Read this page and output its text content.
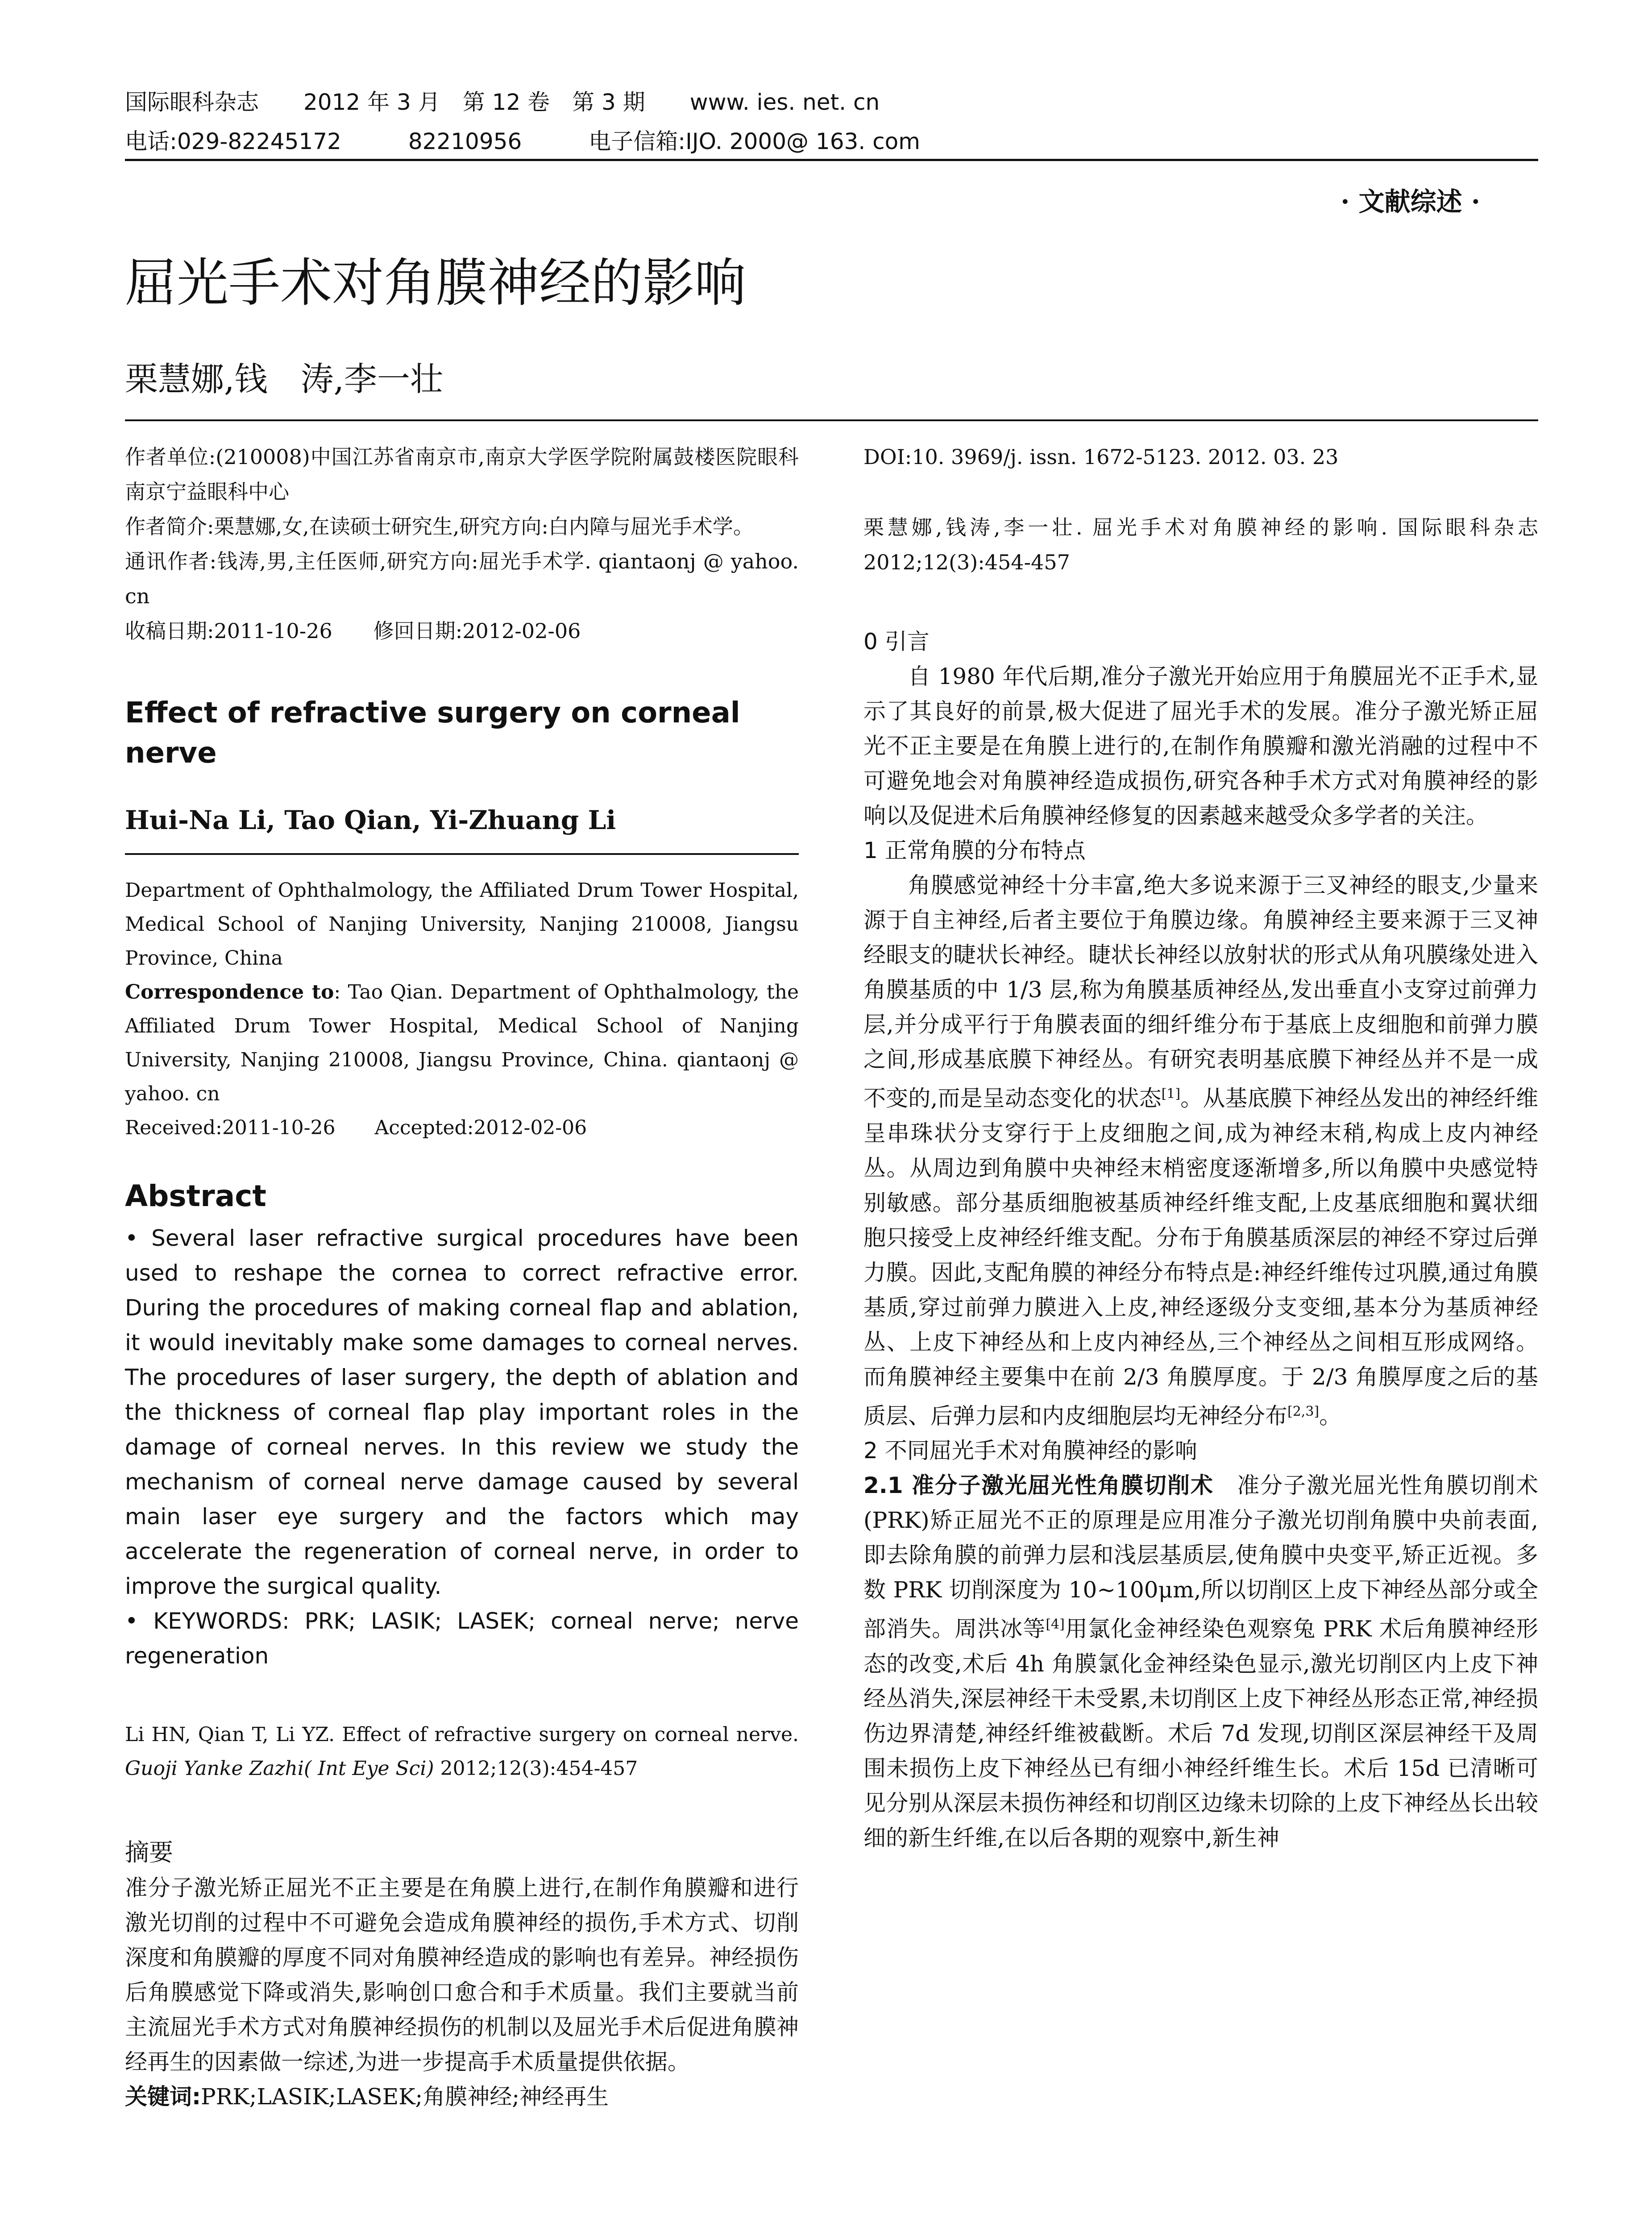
国际眼科杂志　　2012 年 3 月　第 12 卷　第 3 期　　www. ies. net. cn
电话:029-82245172　　　82210956　　　电子信箱:IJO. 2000@ 163. com
· 文献综述 ·
屈光手术对角膜神经的影响
栗慧娜,钱　涛,李一壮

作者单位:(210008)中国江苏省南京市,南京大学医学院附属鼓楼医院眼科 南京宁益眼科中心

作者简介:栗慧娜,女,在读硕士研究生,研究方向:白内障与屈光手术学。

通讯作者:钱涛,男,主任医师,研究方向:屈光手术学. qiantaonj @ yahoo. cn

收稿日期:2011-10-26　　修回日期:2012-02-06

Effect of refractive surgery on corneal nerve
Hui-Na Li, Tao Qian, Yi-Zhuang Li

Department of Ophthalmology, the Affiliated Drum Tower Hospital, Medical School of Nanjing University, Nanjing 210008, Jiangsu Province, China

Correspondence to: Tao Qian. Department of Ophthalmology, the Affiliated Drum Tower Hospital, Medical School of Nanjing University, Nanjing 210008, Jiangsu Province, China. qiantaonj @ yahoo. cn

Received:2011-10-26　　Accepted:2012-02-06

Abstract

• Several laser refractive surgical procedures have been used to reshape the cornea to correct refractive error. During the procedures of making corneal flap and ablation, it would inevitably make some damages to corneal nerves. The procedures of laser surgery, the depth of ablation and the thickness of corneal flap play important roles in the damage of corneal nerves. In this review we study the mechanism of corneal nerve damage caused by several main laser eye surgery and the factors which may accelerate the regeneration of corneal nerve, in order to improve the surgical quality.

• KEYWORDS: PRK; LASIK; LASEK; corneal nerve; nerve regeneration

Li HN, Qian T, Li YZ. Effect of refractive surgery on corneal nerve. Guoji Yanke Zazhi( Int Eye Sci) 2012;12(3):454-457

摘要

准分子激光矫正屈光不正主要是在角膜上进行,在制作角膜瓣和进行激光切削的过程中不可避免会造成角膜神经的损伤,手术方式、切削深度和角膜瓣的厚度不同对角膜神经造成的影响也有差异。神经损伤后角膜感觉下降或消失,影响创口愈合和手术质量。我们主要就当前主流屈光手术方式对角膜神经损伤的机制以及屈光手术后促进角膜神经再生的因素做一综述,为进一步提高手术质量提供依据。

关键词:PRK;LASIK;LASEK;角膜神经;神经再生

DOI:10. 3969/j. issn. 1672-5123. 2012. 03. 23

栗慧娜,钱涛,李一壮. 屈光手术对角膜神经的影响. 国际眼科杂志 2012;12(3):454-457

0 引言

自 1980 年代后期,准分子激光开始应用于角膜屈光不正手术,显示了其良好的前景,极大促进了屈光手术的发展。准分子激光矫正屈光不正主要是在角膜上进行的,在制作角膜瓣和激光消融的过程中不可避免地会对角膜神经造成损伤,研究各种手术方式对角膜神经的影响以及促进术后角膜神经修复的因素越来越受众多学者的关注。

1 正常角膜的分布特点

角膜感觉神经十分丰富,绝大多说来源于三叉神经的眼支,少量来源于自主神经,后者主要位于角膜边缘。角膜神经主要来源于三叉神经眼支的睫状长神经。睫状长神经以放射状的形式从角巩膜缘处进入角膜基质的中 1/3 层,称为角膜基质神经丛,发出垂直小支穿过前弹力层,并分成平行于角膜表面的细纤维分布于基底上皮细胞和前弹力膜之间,形成基底膜下神经丛。有研究表明基底膜下神经丛并不是一成不变的,而是呈动态变化的状态[1]。从基底膜下神经丛发出的神经纤维呈串珠状分支穿行于上皮细胞之间,成为神经末稍,构成上皮内神经丛。从周边到角膜中央神经末梢密度逐渐增多,所以角膜中央感觉特别敏感。部分基质细胞被基质神经纤维支配,上皮基底细胞和翼状细胞只接受上皮神经纤维支配。分布于角膜基质深层的神经不穿过后弹力膜。因此,支配角膜的神经分布特点是:神经纤维传过巩膜,通过角膜基质,穿过前弹力膜进入上皮,神经逐级分支变细,基本分为基质神经丛、上皮下神经丛和上皮内神经丛,三个神经丛之间相互形成网络。而角膜神经主要集中在前 2/3 角膜厚度。于 2/3 角膜厚度之后的基质层、后弹力层和内皮细胞层均无神经分布[2,3]。

2 不同屈光手术对角膜神经的影响

2.1 准分子激光屈光性角膜切削术　准分子激光屈光性角膜切削术(PRK)矫正屈光不正的原理是应用准分子激光切削角膜中央前表面,即去除角膜的前弹力层和浅层基质层,使角膜中央变平,矫正近视。多数 PRK 切削深度为 10~100μm,所以切削区上皮下神经丛部分或全部消失。周洪冰等[4]用氯化金神经染色观察兔 PRK 术后角膜神经形态的改变,术后 4h 角膜氯化金神经染色显示,激光切削区内上皮下神经丛消失,深层神经干未受累,未切削区上皮下神经丛形态正常,神经损伤边界清楚,神经纤维被截断。术后 7d 发现,切削区深层神经干及周围未损伤上皮下神经丛已有细小神经纤维生长。术后 15d 已清晰可见分别从深层未损伤神经和切削区边缘未切除的上皮下神经丛长出较细的新生纤维,在以后各期的观察中,新生神
